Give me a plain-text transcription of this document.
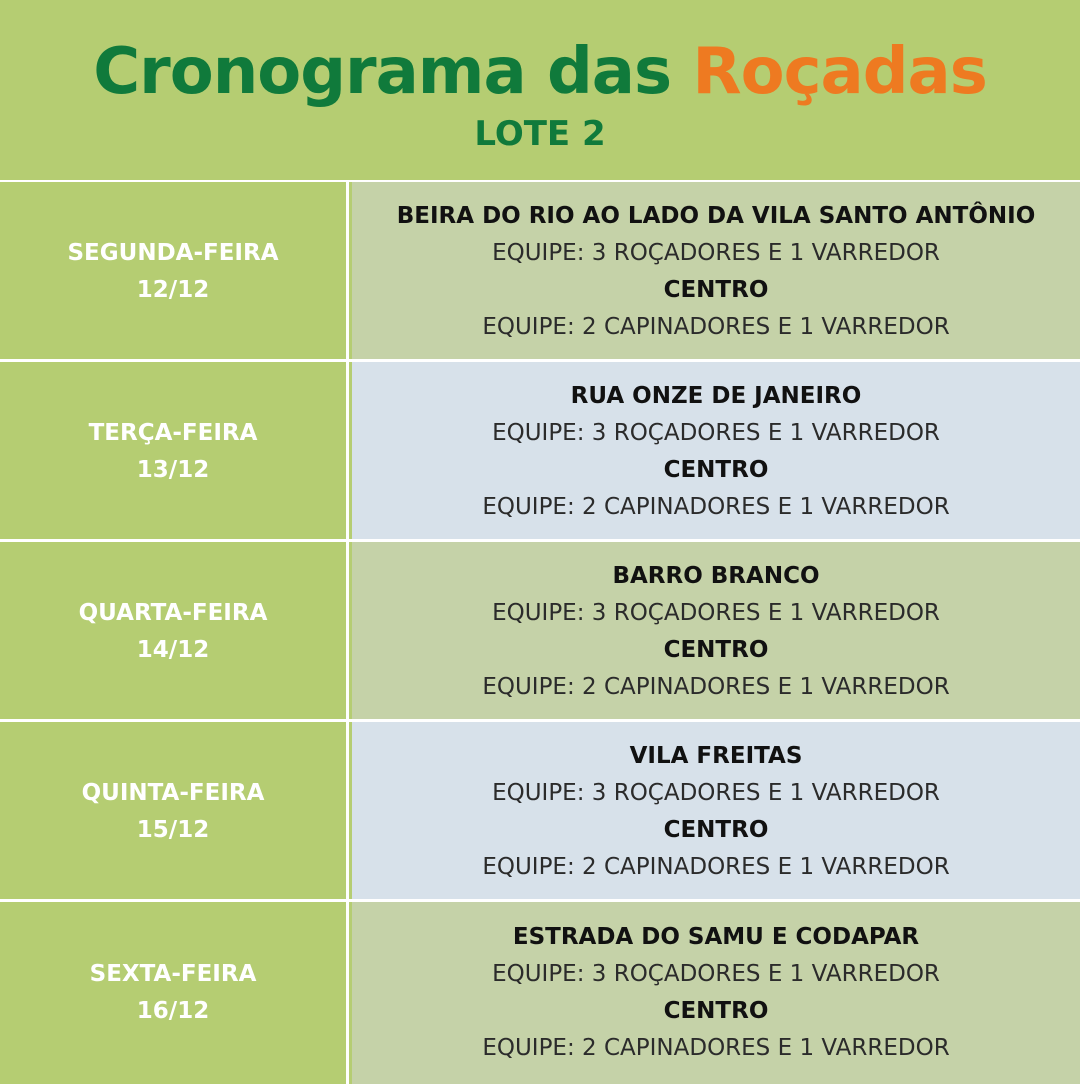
Cronograma das Roçadas
LOTE 2
SEGUNDA-FEIRA
12/12
BEIRA DO RIO AO LADO DA VILA SANTO ANTÔNIO
EQUIPE: 3 ROÇADORES E 1 VARREDOR
CENTRO
EQUIPE: 2 CAPINADORES E 1 VARREDOR
TERÇA-FEIRA
13/12
RUA ONZE DE JANEIRO
EQUIPE: 3 ROÇADORES E 1 VARREDOR
CENTRO
EQUIPE: 2 CAPINADORES E 1 VARREDOR
QUARTA-FEIRA
14/12
BARRO BRANCO
EQUIPE: 3 ROÇADORES E 1 VARREDOR
CENTRO
EQUIPE: 2 CAPINADORES E 1 VARREDOR
QUINTA-FEIRA
15/12
VILA FREITAS
EQUIPE: 3 ROÇADORES E 1 VARREDOR
CENTRO
EQUIPE: 2 CAPINADORES E 1 VARREDOR
SEXTA-FEIRA
16/12
ESTRADA DO SAMU E CODAPAR
EQUIPE: 3 ROÇADORES E 1 VARREDOR
CENTRO
EQUIPE: 2 CAPINADORES E 1 VARREDOR
